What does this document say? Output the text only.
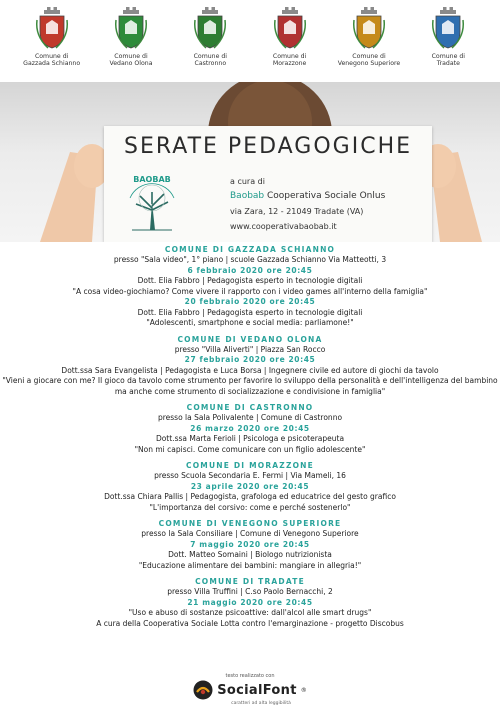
Comune di
Gazzada Schianno
Comune di
Vedano Olona
Comune di
Castronno
Comune di
Morazzone
Comune di
Venegono Superiore
Comune di
Tradate
SERATE PEDAGOGICHE
BAOBAB	a cura di
Baobab Cooperativa Sociale Onlus
via Zara, 12 - 21049 Tradate (VA)
www.cooperativabaobab.it
COMUNE DI GAZZADA SCHIANNO
presso "Sala video", 1° piano | scuole Gazzada Schianno Via Matteotti, 3
6 febbraio 2020 ore 20:45
Dott. Elia Fabbro | Pedagogista esperto in tecnologie digitali
"A cosa video-giochiamo? Come vivere il rapporto con i video games all'interno della famiglia"
20 febbraio 2020 ore 20:45
Dott. Elia Fabbro | Pedagogista esperto in tecnologie digitali
"Adolescenti, smartphone e social media: parliamone!"
COMUNE DI VEDANO OLONA
presso "Villa Aliverti" | Piazza San Rocco
27 febbraio 2020 ore 20:45
Dott.ssa Sara Evangelista | Pedagogista e Luca Borsa | Ingegnere civile ed autore di giochi da tavolo
"Vieni a giocare con me? Il gioco da tavolo come strumento per favorire lo sviluppo della personalità e dell'intelligenza del bambino ma anche come strumento di socializzazione e condivisione in famiglia"
COMUNE DI CASTRONNO
presso la Sala Polivalente | Comune di Castronno
26 marzo 2020 ore 20:45
Dott.ssa Marta Ferioli | Psicologa e psicoterapeuta
"Non mi capisci. Come comunicare con un figlio adolescente"
COMUNE DI MORAZZONE
presso Scuola Secondaria E. Fermi | Via Mameli, 16
23 aprile 2020 ore 20:45
Dott.ssa Chiara Pallis | Pedagogista, grafologa ed educatrice del gesto grafico
"L'importanza del corsivo: come e perché sostenerlo"
COMUNE DI VENEGONO SUPERIORE
presso la Sala Consiliare | Comune di Venegono Superiore
7 maggio 2020 ore 20:45
Dott. Matteo Somaini | Biologo nutrizionista
"Educazione alimentare dei bambini: mangiare in allegria!"
COMUNE DI TRADATE
presso Villa Truffini | C.so Paolo Bernacchi, 2
21 maggio 2020 ore 20:45
"Uso e abuso di sostanze psicoattive: dall'alcol alle smart drugs"
A cura della Cooperativa Sociale Lotta contro l'emarginazione - progetto Discobus
testo realizzato con
SocialFont ®
caratteri ad alta leggibilità
